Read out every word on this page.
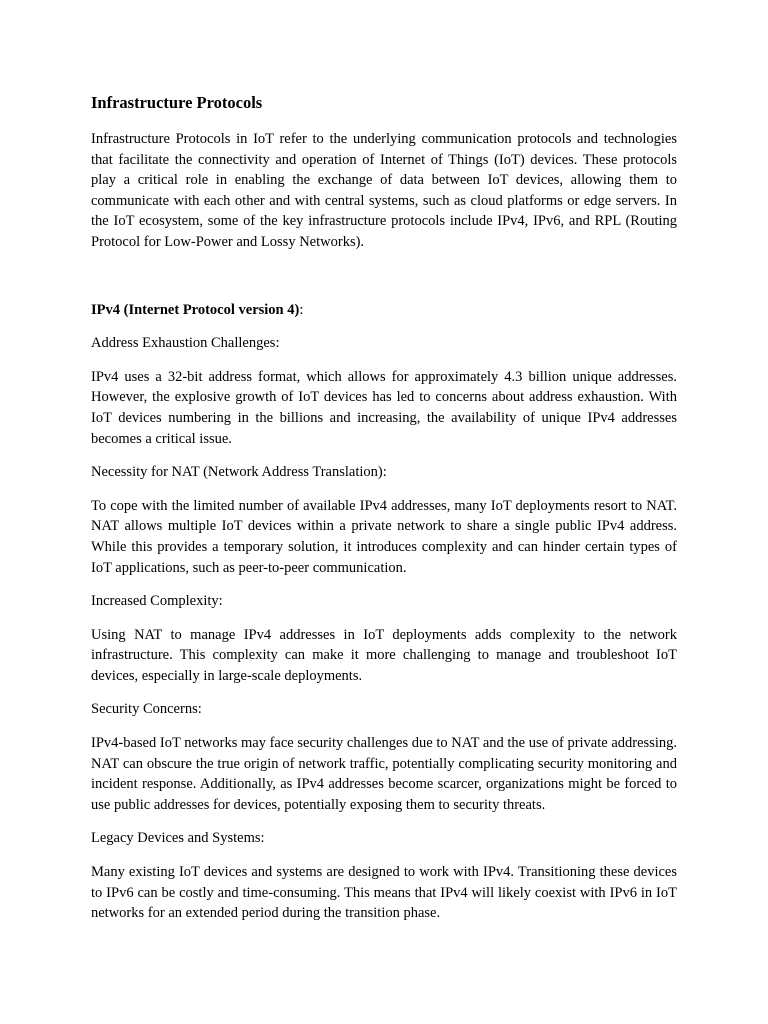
Infrastructure Protocols

Infrastructure Protocols in IoT refer to the underlying communication protocols and technologies that facilitate the connectivity and operation of Internet of Things (IoT) devices. These protocols play a critical role in enabling the exchange of data between IoT devices, allowing them to communicate with each other and with central systems, such as cloud platforms or edge servers. In the IoT ecosystem, some of the key infrastructure protocols include IPv4, IPv6, and RPL (Routing Protocol for Low-Power and Lossy Networks).

IPv4 (Internet Protocol version 4):

Address Exhaustion Challenges:

IPv4 uses a 32-bit address format, which allows for approximately 4.3 billion unique addresses. However, the explosive growth of IoT devices has led to concerns about address exhaustion. With IoT devices numbering in the billions and increasing, the availability of unique IPv4 addresses becomes a critical issue.

Necessity for NAT (Network Address Translation):

To cope with the limited number of available IPv4 addresses, many IoT deployments resort to NAT. NAT allows multiple IoT devices within a private network to share a single public IPv4 address. While this provides a temporary solution, it introduces complexity and can hinder certain types of IoT applications, such as peer-to-peer communication.

Increased Complexity:

Using NAT to manage IPv4 addresses in IoT deployments adds complexity to the network infrastructure. This complexity can make it more challenging to manage and troubleshoot IoT devices, especially in large-scale deployments.

Security Concerns:

IPv4-based IoT networks may face security challenges due to NAT and the use of private addressing. NAT can obscure the true origin of network traffic, potentially complicating security monitoring and incident response. Additionally, as IPv4 addresses become scarcer, organizations might be forced to use public addresses for devices, potentially exposing them to security threats.

Legacy Devices and Systems:

Many existing IoT devices and systems are designed to work with IPv4. Transitioning these devices to IPv6 can be costly and time-consuming. This means that IPv4 will likely coexist with IPv6 in IoT networks for an extended period during the transition phase.
